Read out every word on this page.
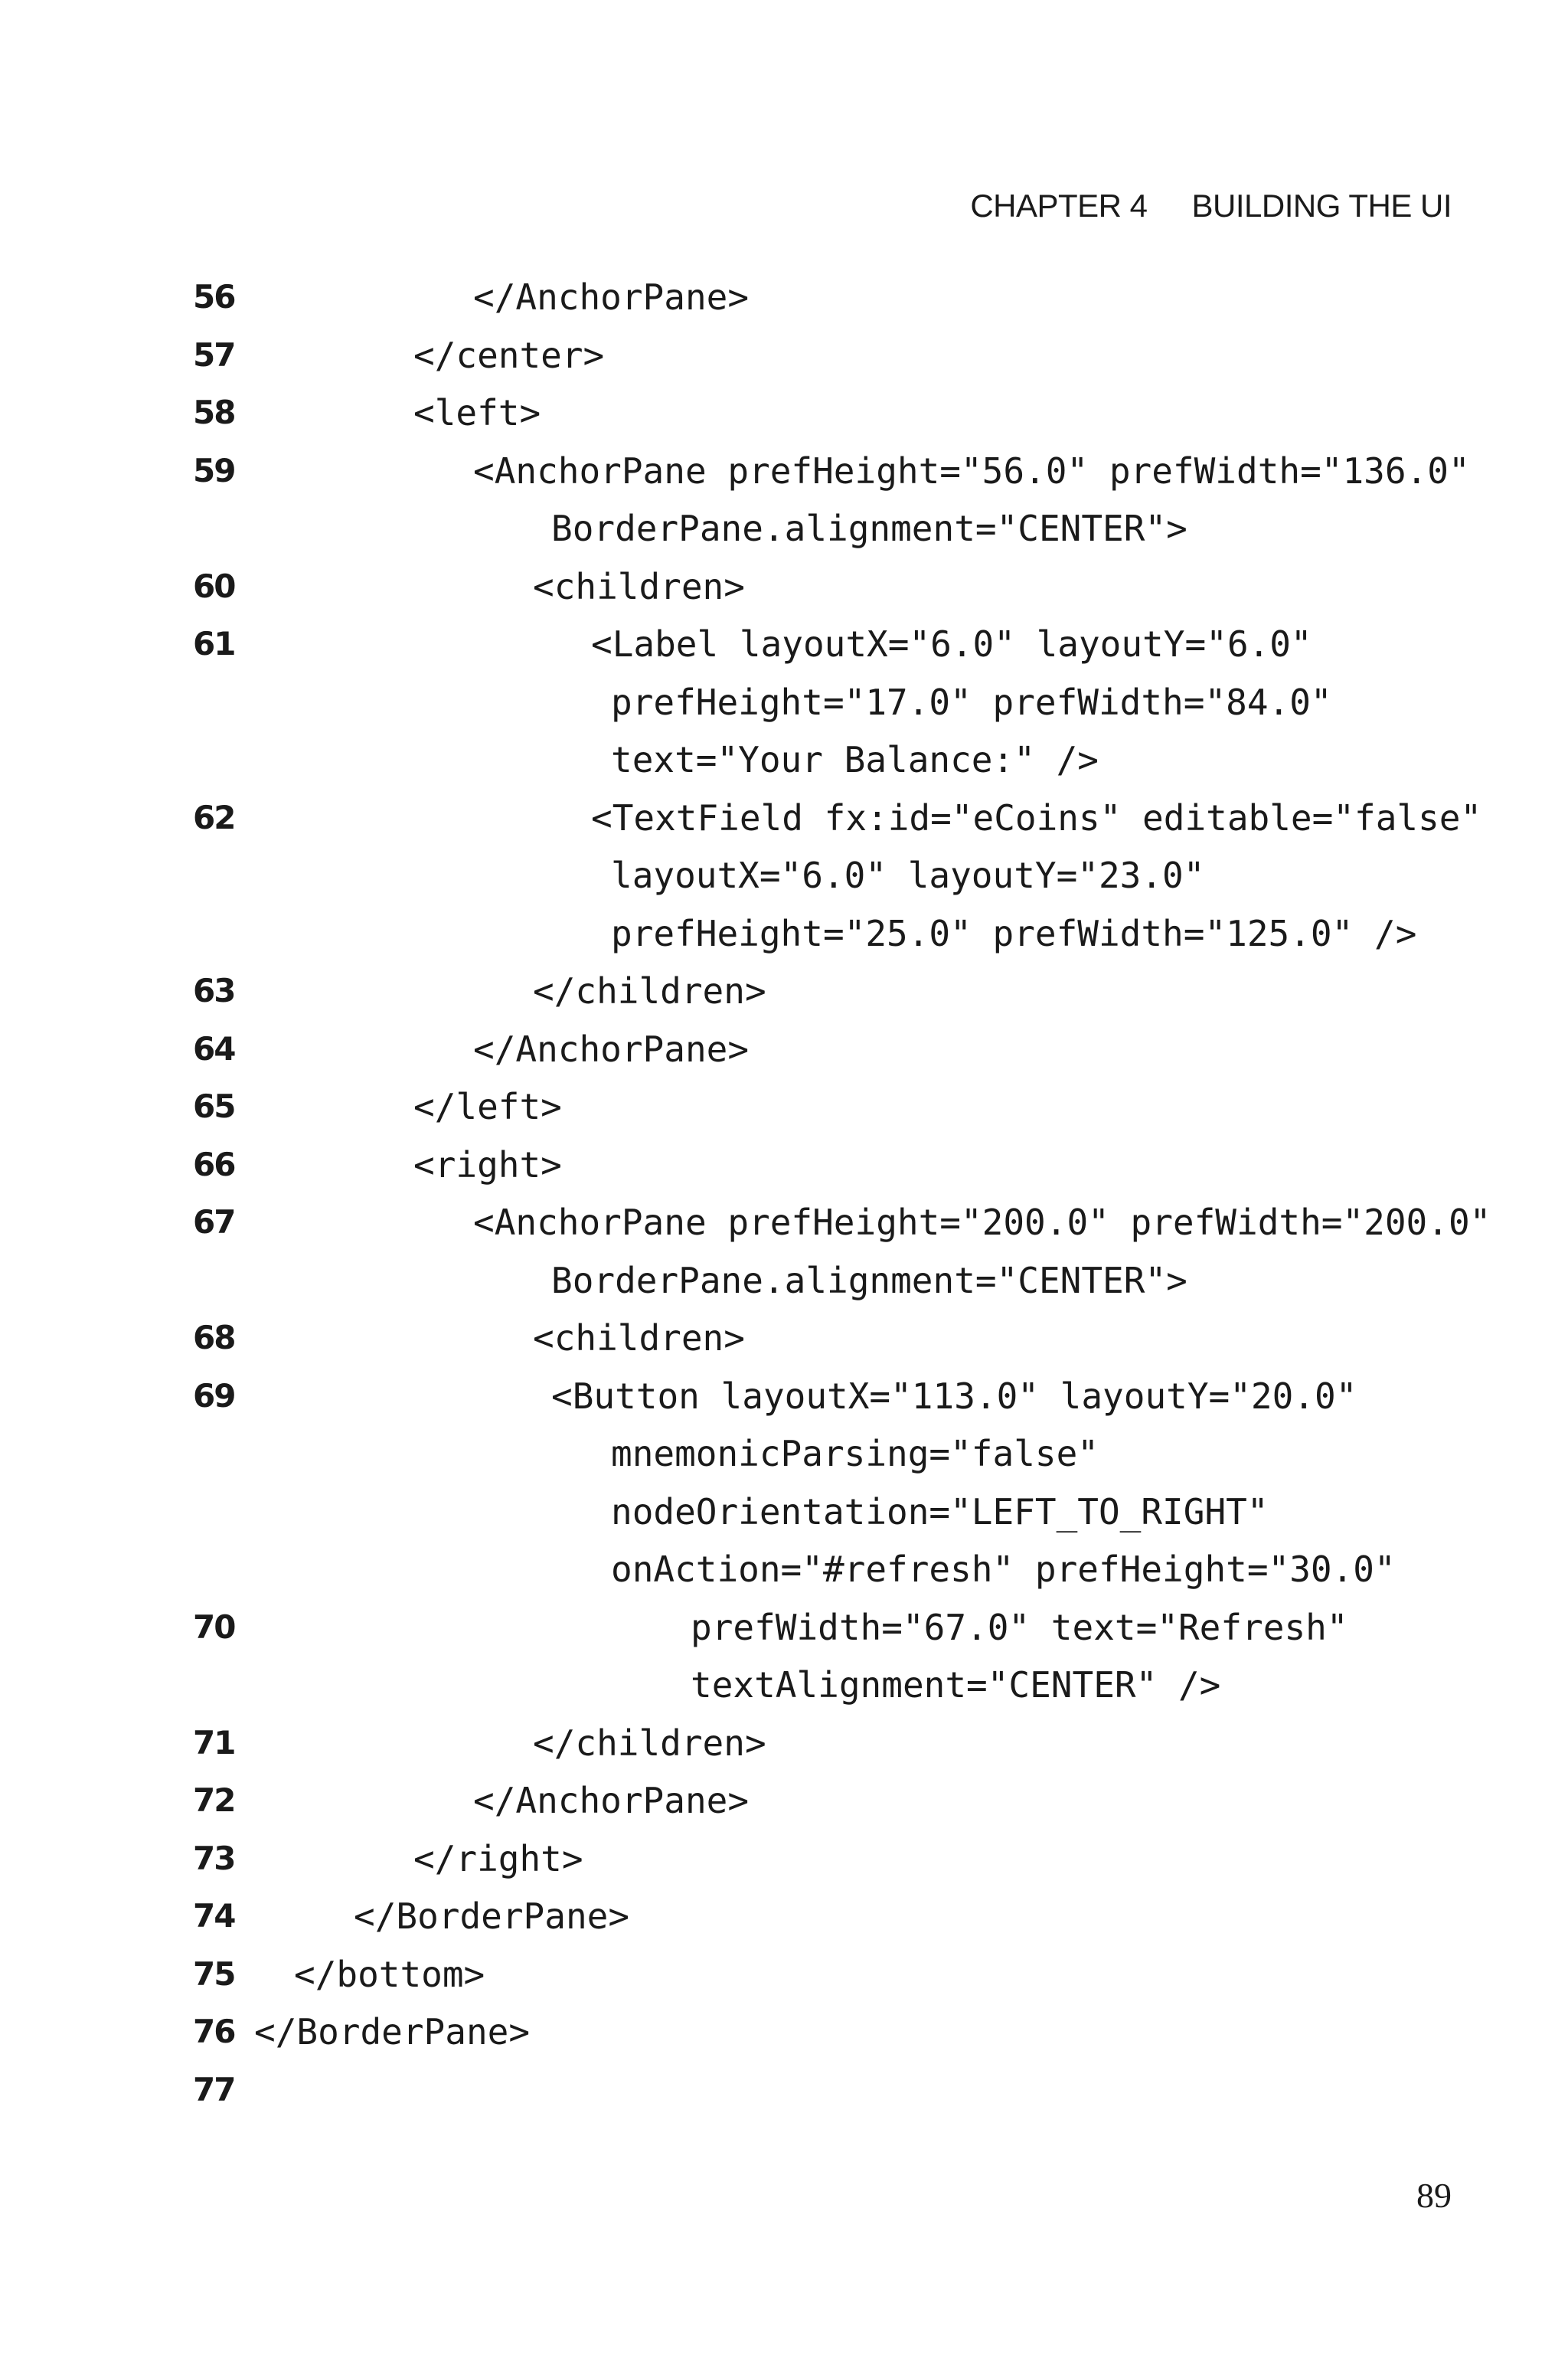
CHAPTER 4 BUILDING THE UI
56	</AnchorPane>
57	</center>
58	<left>
59	<AnchorPane prefHeight="56.0" prefWidth="136.0"
BorderPane.alignment="CENTER">
60	<children>
61	<Label layoutX="6.0" layoutY="6.0"
prefHeight="17.0" prefWidth="84.0"
text="Your Balance:" />
62	<TextField fx:id="eCoins" editable="false"
layoutX="6.0" layoutY="23.0"
prefHeight="25.0" prefWidth="125.0" />
63	</children>
64	</AnchorPane>
65	</left>
66	<right>
67	<AnchorPane prefHeight="200.0" prefWidth="200.0"
BorderPane.alignment="CENTER">
68	<children>
69	<Button layoutX="113.0" layoutY="20.0"
mnemonicParsing="false"
nodeOrientation="LEFT_TO_RIGHT"
onAction="#refresh" prefHeight="30.0"
70	prefWidth="67.0" text="Refresh"
textAlignment="CENTER" />
71	</children>
72	</AnchorPane>
73	</right>
74	</BorderPane>
75 </bottom>
76 </BorderPane>
77
89
